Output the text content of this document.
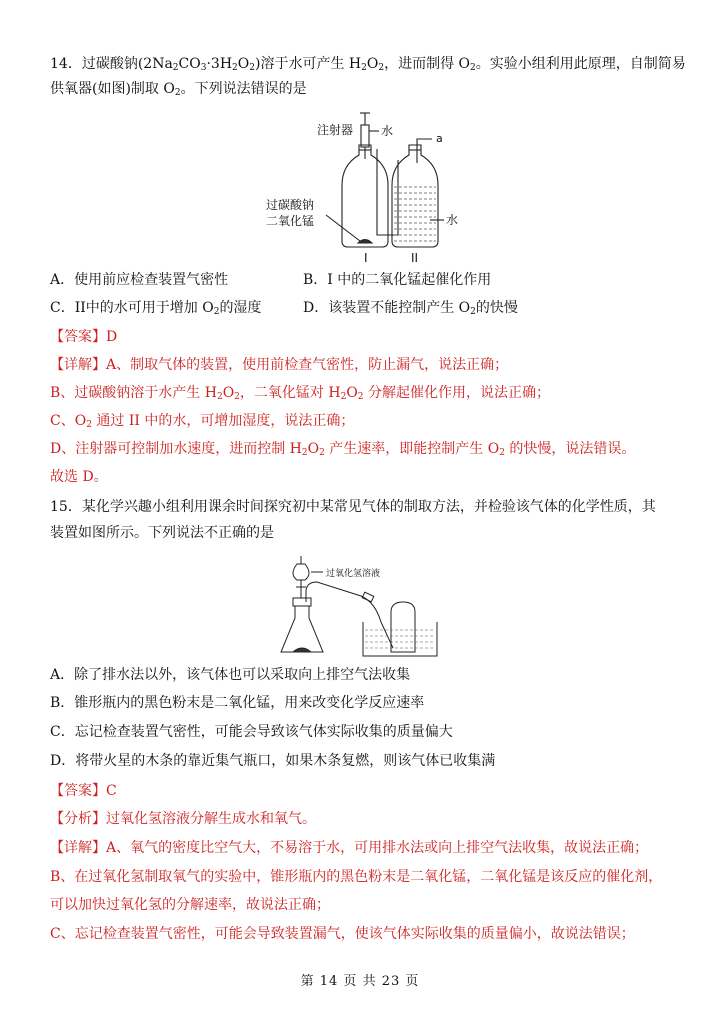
14．过碳酸钠$(2Na_2CO_3\cdot 3H_2O_2)$溶于水可产生 $H_2O_2$，进而制得 $O_2$。实验小组利用此原理，自制简易
供氧器(如图)制取 $O_2$。下列说法错误的是
注射器 水
a
过碳酸钠
二氧化锰	水
I	II
A．使用前应检查装置气密性	B．I 中的二氧化锰起催化作用
C．II中的水可用于增加 $O_2$的湿度	D．该装置不能控制产生 $O_2$的快慢
【答案】D
【详解】A、制取气体的装置，使用前检查气密性，防止漏气，说法正确；
B、过碳酸钠溶于水产生 $H_2O_2$，二氧化锰对 $H_2O_2$ 分解起催化作用，说法正确；
C、$O_2$ 通过 II 中的水，可增加湿度，说法正确；
D、注射器可控制加水速度，进而控制 $H_2O_2$ 产生速率，即能控制产生 $O_2$ 的快慢，说法错误。
故选 D。
15．某化学兴趣小组利用课余时间探究初中某常见气体的制取方法，并检验该气体的化学性质，其
装置如图所示。下列说法不正确的是
过氧化氢溶液
A．除了排水法以外，该气体也可以采取向上排空气法收集
B．锥形瓶内的黑色粉末是二氧化锰，用来改变化学反应速率
C．忘记检查装置气密性，可能会导致该气体实际收集的质量偏大
D．将带火星的木条的靠近集气瓶口，如果木条复燃，则该气体已收集满
【答案】C
【分析】过氧化氢溶液分解生成水和氧气。
【详解】A、氧气的密度比空气大，不易溶于水，可用排水法或向上排空气法收集，故说法正确；
B、在过氧化氢制取氧气的实验中，锥形瓶内的黑色粉末是二氧化锰，二氧化锰是该反应的催化剂，
可以加快过氧化氢的分解速率，故说法正确；
C、忘记检查装置气密性，可能会导致装置漏气，使该气体实际收集的质量偏小，故说法错误；
第 14 页 共 23 页
